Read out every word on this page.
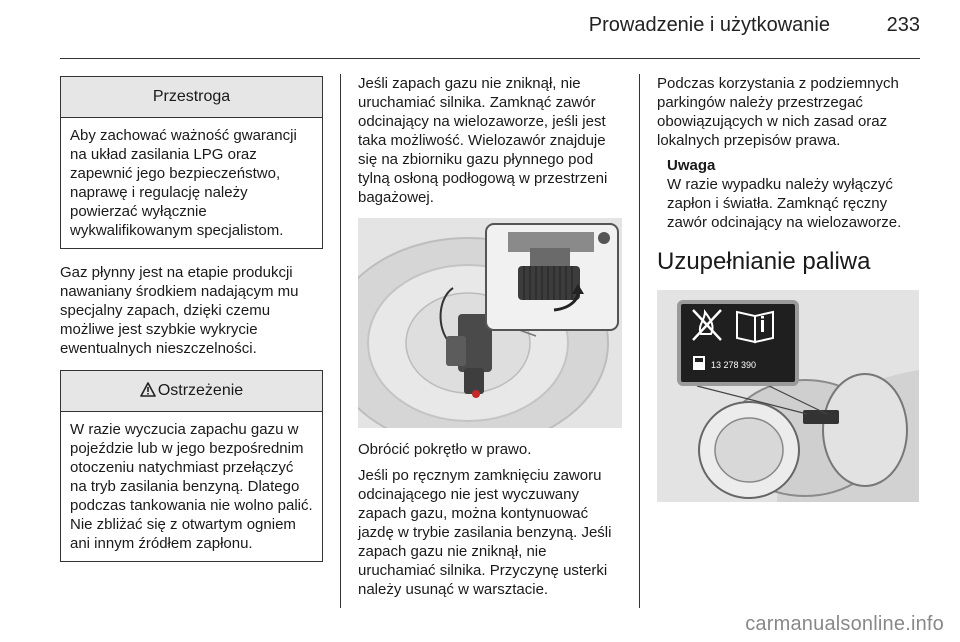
Prowadzenie i użytkowanie	233
Przestroga
Aby zachować ważność gwarancji na układ zasilania LPG oraz zapewnić jego bezpieczeństwo, naprawę i regulację należy powierzać wyłącznie wykwalifikowanym specjalistom.

Gaz płynny jest na etapie produkcji nawaniany środkiem nadającym mu specjalny zapach, dzięki czemu możliwe jest szybkie wykrycie ewentualnych nieszczelności.

Ostrzeżenie
W razie wyczucia zapachu gazu w pojeździe lub w jego bezpośrednim otoczeniu natychmiast przełączyć na tryb zasilania benzyną. Dlatego podczas tankowania nie wolno palić. Nie zbliżać się z otwartym ogniem ani innym źródłem zapłonu.

Jeśli zapach gazu nie zniknął, nie uruchamiać silnika. Zamknąć zawór odcinający na wielozaworze, jeśli jest taka możliwość. Wielozawór znajduje się na zbiorniku gazu płynnego pod tylną osłoną podłogową w przestrzeni bagażowej.

Obrócić pokrętło w prawo.

Jeśli po ręcznym zamknięciu zaworu odcinającego nie jest wyczuwany zapach gazu, można kontynuować jazdę w trybie zasilania benzyną. Jeśli zapach gazu nie zniknął, nie uruchamiać silnika. Przyczynę usterki należy usunąć w warsztacie.

Podczas korzystania z podziemnych parkingów należy przestrzegać obowiązujących w nich zasad oraz lokalnych przepisów prawa.

Uwaga
W razie wypadku należy wyłączyć zapłon i światła. Zamknąć ręczny zawór odcinający na wielozaworze.
Uzupełnianie paliwa
13 278 390
carmanualsonline.info
